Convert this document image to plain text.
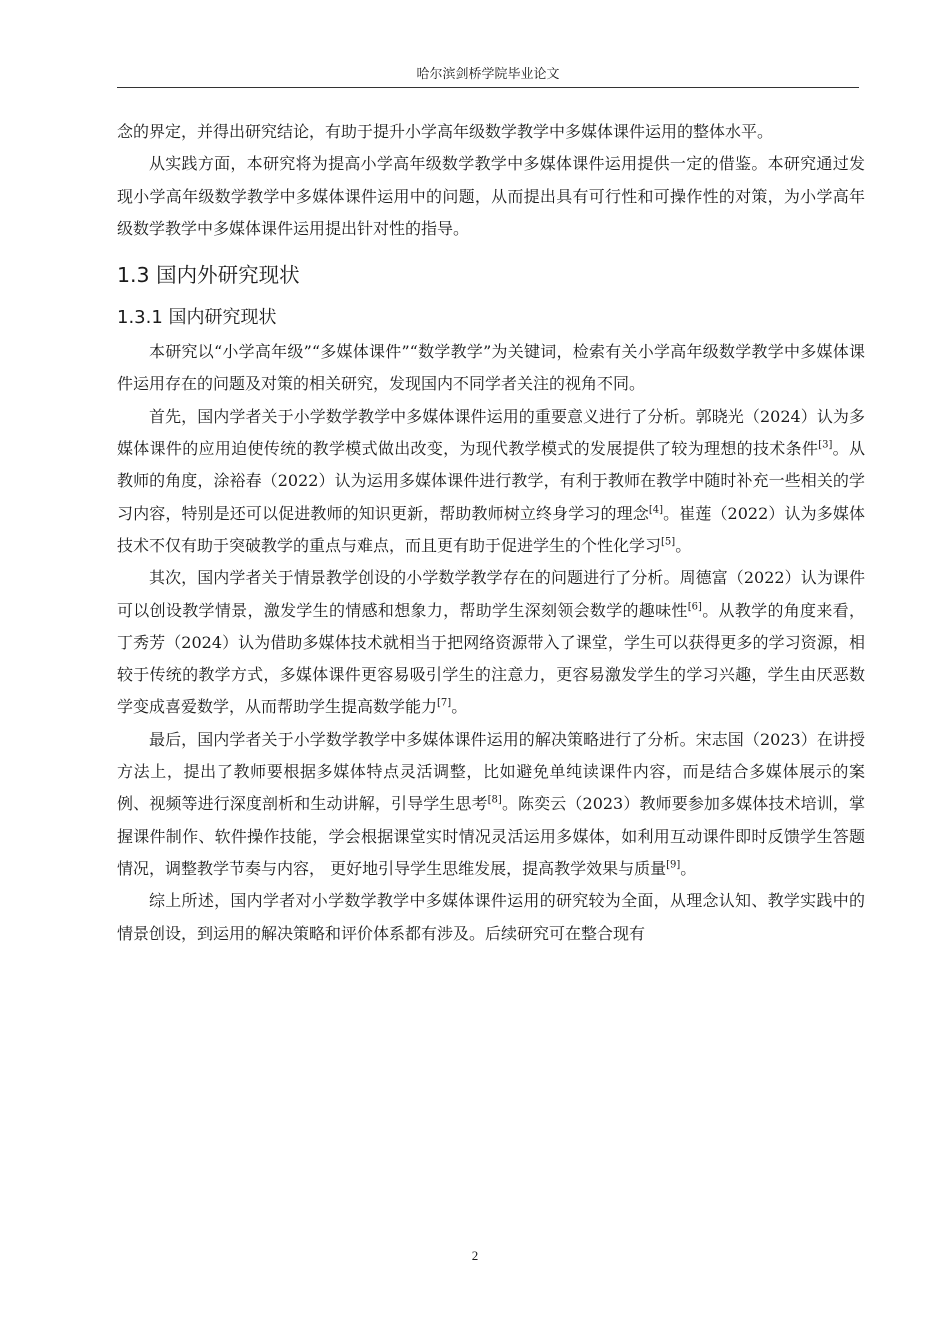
哈尔滨剑桥学院毕业论文

念的界定，并得出研究结论，有助于提升小学高年级数学教学中多媒体课件运用的整体水平。

从实践方面，本研究将为提高小学高年级数学教学中多媒体课件运用提供一定的借鉴。本研究通过发现小学高年级数学教学中多媒体课件运用中的问题，从而提出具有可行性和可操作性的对策，为小学高年级数学教学中多媒体课件运用提出针对性的指导。

1.3 国内外研究现状
1.3.1 国内研究现状

本研究以“小学高年级”“多媒体课件”“数学教学”为关键词，检索有关小学高年级数学教学中多媒体课件运用存在的问题及对策的相关研究，发现国内不同学者关注的视角不同。

首先，国内学者关于小学数学教学中多媒体课件运用的重要意义进行了分析。郭晓光（2024）认为多媒体课件的应用迫使传统的教学模式做出改变，为现代教学模式的发展提供了较为理想的技术条件[3]。从教师的角度，涂裕春（2022）认为运用多媒体课件进行教学，有利于教师在教学中随时补充一些相关的学习内容，特别是还可以促进教师的知识更新，帮助教师树立终身学习的理念[4]。崔莲（2022）认为多媒体技术不仅有助于突破教学的重点与难点，而且更有助于促进学生的个性化学习[5]。

其次，国内学者关于情景教学创设的小学数学教学存在的问题进行了分析。周德富（2022）认为课件可以创设教学情景，激发学生的情感和想象力，帮助学生深刻领会数学的趣味性[6]。从教学的角度来看，丁秀芳（2024）认为借助多媒体技术就相当于把网络资源带入了课堂，学生可以获得更多的学习资源，相较于传统的教学方式，多媒体课件更容易吸引学生的注意力，更容易激发学生的学习兴趣，学生由厌恶数学变成喜爱数学，从而帮助学生提高数学能力[7]。

最后，国内学者关于小学数学教学中多媒体课件运用的解决策略进行了分析。宋志国（2023）在讲授方法上，提出了教师要根据多媒体特点灵活调整，比如避免单纯读课件内容，而是结合多媒体展示的案例、视频等进行深度剖析和生动讲解，引导学生思考[8]。陈奕云（2023）教师要参加多媒体技术培训，掌握课件制作、软件操作技能，学会根据课堂实时情况灵活运用多媒体，如利用互动课件即时反馈学生答题情况，调整教学节奏与内容， 更好地引导学生思维发展，提高教学效果与质量[9]。

综上所述，国内学者对小学数学教学中多媒体课件运用的研究较为全面，从理念认知、教学实践中的情景创设，到运用的解决策略和评价体系都有涉及。后续研究可在整合现有

2
